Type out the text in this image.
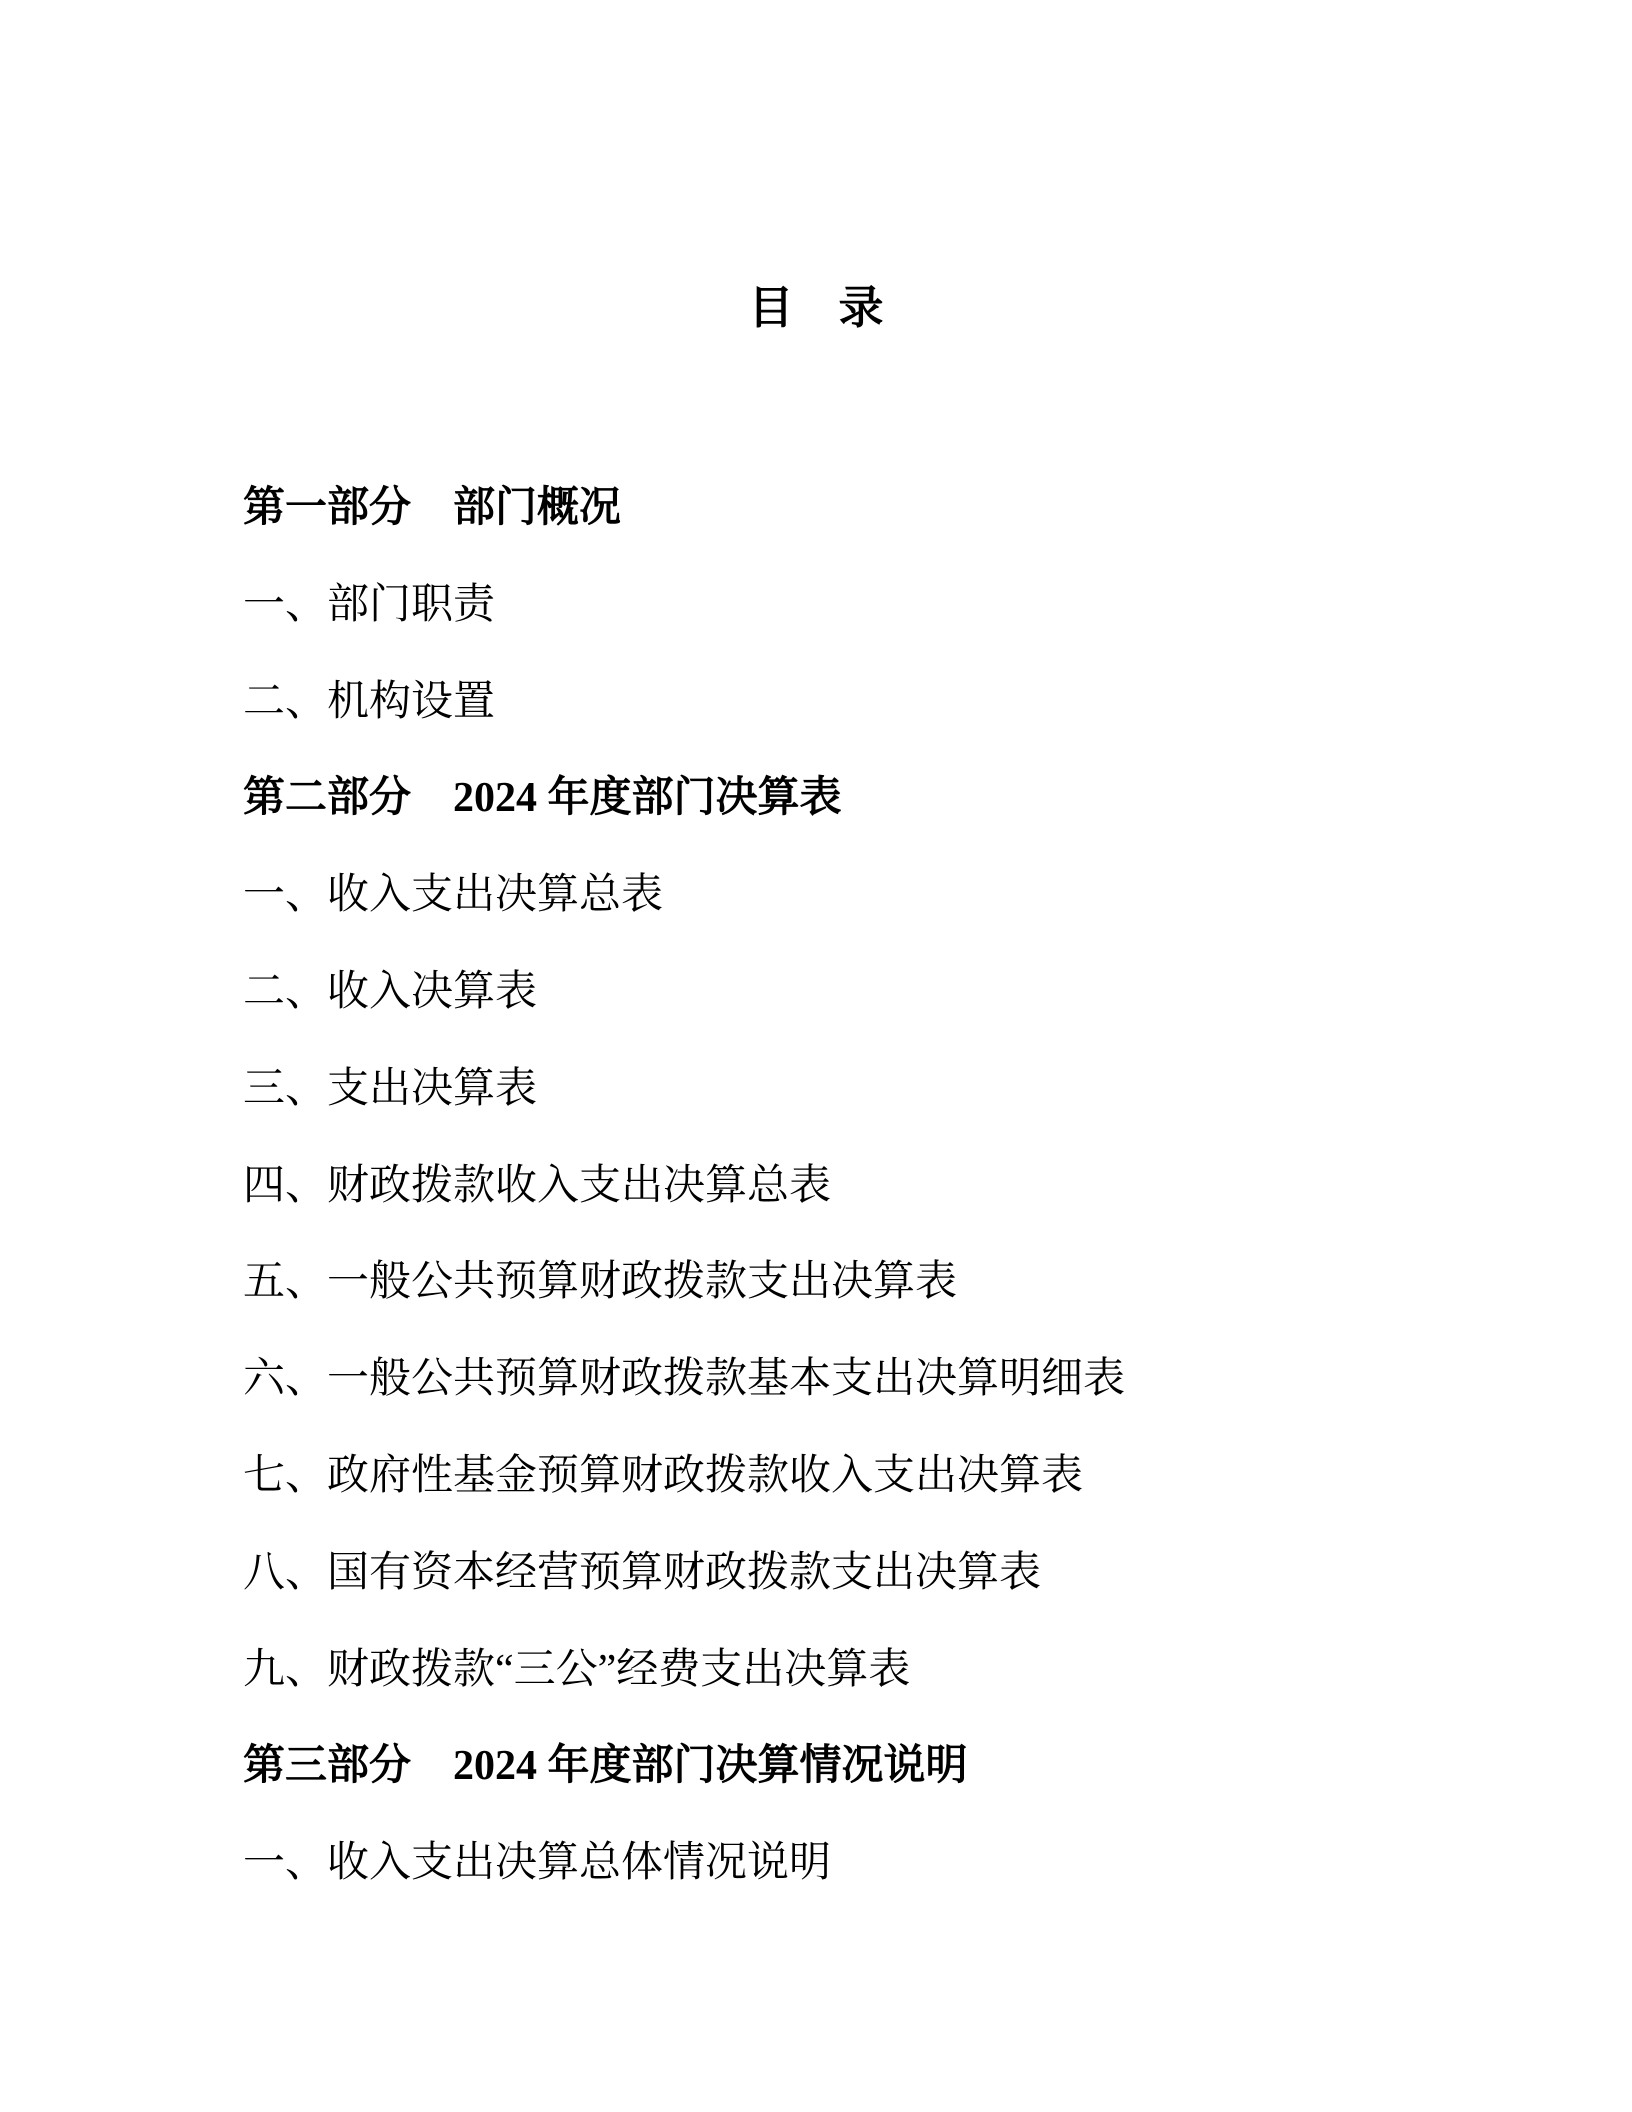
目　录
第一部分　部门概况
一、部门职责
二、机构设置
第二部分　2024 年度部门决算表
一、收入支出决算总表
二、收入决算表
三、支出决算表
四、财政拨款收入支出决算总表
五、一般公共预算财政拨款支出决算表
六、一般公共预算财政拨款基本支出决算明细表
七、政府性基金预算财政拨款收入支出决算表
八、国有资本经营预算财政拨款支出决算表
九、财政拨款“三公”经费支出决算表
第三部分　2024 年度部门决算情况说明
一、收入支出决算总体情况说明
